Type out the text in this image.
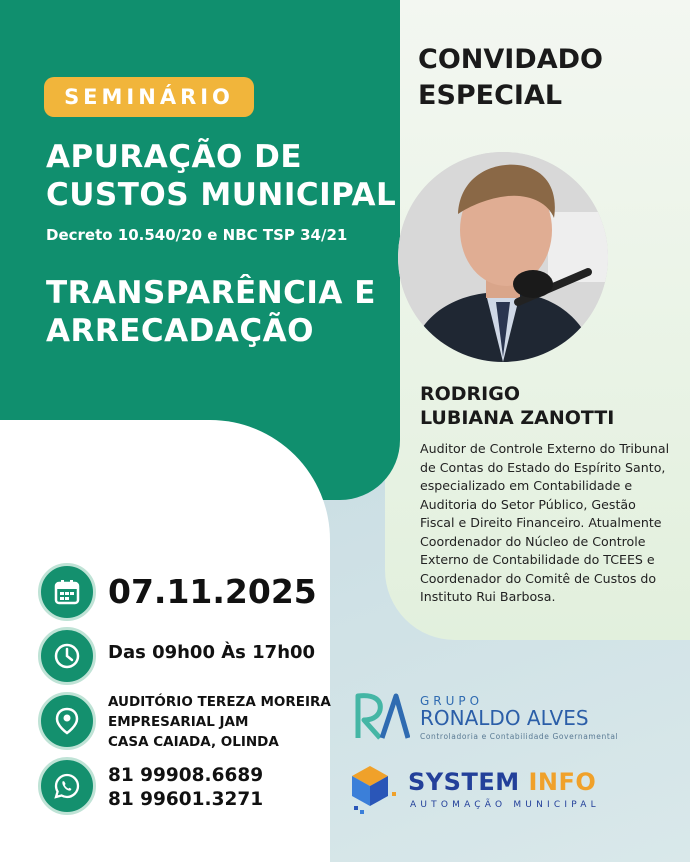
SEMINÁRIO
APURAÇÃO DE
CUSTOS MUNICIPAL
Decreto 10.540/20 e NBC TSP 34/21
TRANSPARÊNCIA E
ARRECADAÇÃO
CONVIDADO
ESPECIAL
RODRIGO
LUBIANA ZANOTTI
Auditor de Controle Externo do Tribunal
de Contas do Estado do Espírito Santo,
especializado em Contabilidade e
Auditoria do Setor Público, Gestão
Fiscal e Direito Financeiro. Atualmente
Coordenador do Núcleo de Controle
Externo de Contabilidade do TCEES e
Coordenador do Comitê de Custos do
Instituto Rui Barbosa.
07.11.2025
Das 09h00 Às 17h00
AUDITÓRIO TEREZA MOREIRA
EMPRESARIAL JAM
CASA CAIADA, OLINDA
81 99908.6689
81 99601.3271
GRUPO
RONALDO ALVES
Controladoria e Contabilidade Governamental
SYSTEM INFO
AUTOMAÇÃO MUNICIPAL
